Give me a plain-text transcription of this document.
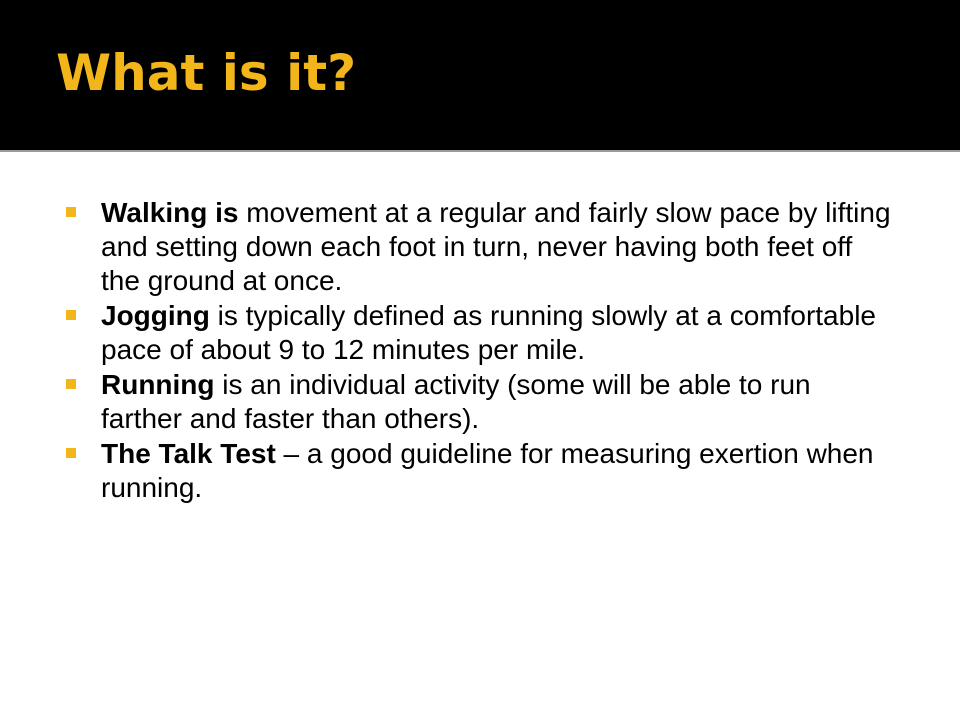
What is it?
Walking is movement at a regular and fairly slow pace by lifting and setting down each foot in turn, never having both feet off the ground at once.
Jogging is typically defined as running slowly at a comfortable pace of about 9 to 12 minutes per mile.
Running is an individual activity (some will be able to run farther and faster than others).
The Talk Test – a good guideline for measuring exertion when running.
